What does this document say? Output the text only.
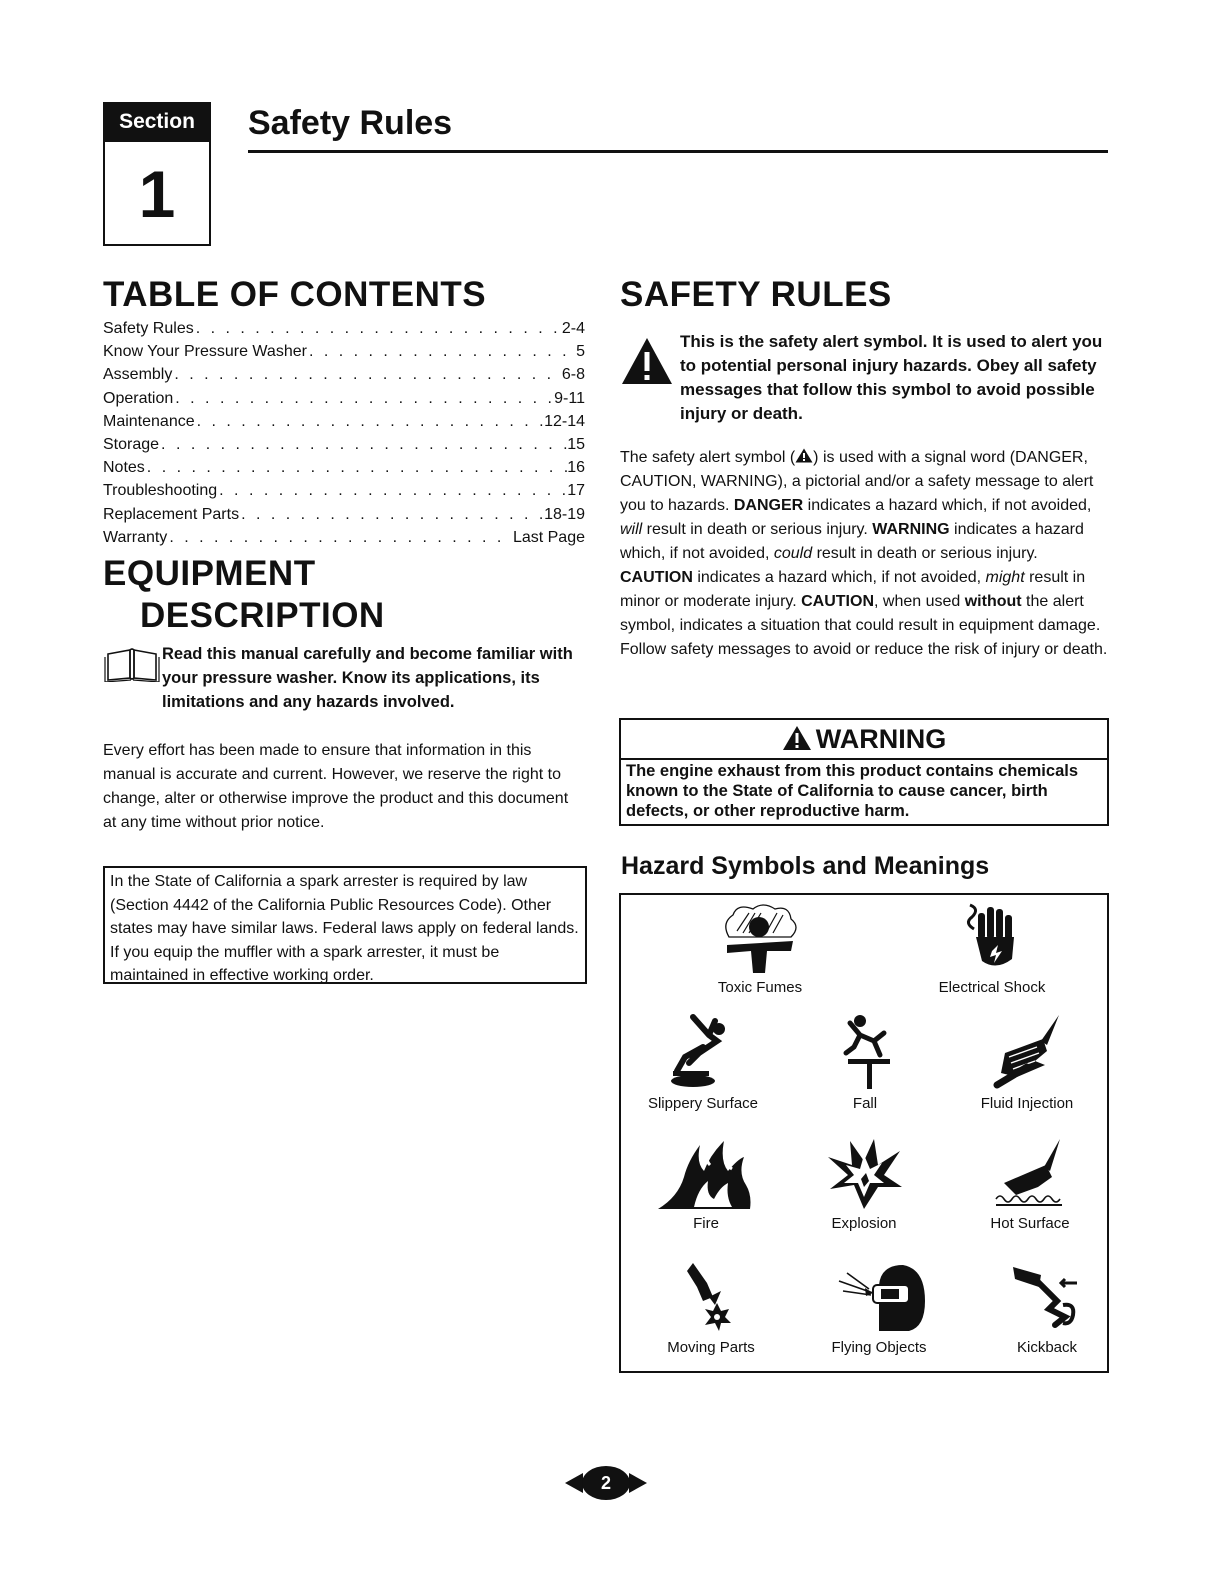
Section
1
Safety Rules
TABLE OF CONTENTS
Safety Rules . . .	2-4
Know Your Pressure Washer . . .	5
Assembly . . .	6-8
Operation . . .	9-11
Maintenance . . .	12-14
Storage . . .	15
Notes . . .	16
Troubleshooting . . .	17
Replacement Parts . . .	18-19
Warranty . . .	Last Page
EQUIPMENT
DESCRIPTION
Read this manual carefully and become familiar with your pressure washer. Know its applications, its limitations and any hazards involved.
Every effort has been made to ensure that information in this manual is accurate and current. However, we reserve the right to change, alter or otherwise improve the product and this document at any time without prior notice.
In the State of California a spark arrester is required by law (Section 4442 of the California Public Resources Code). Other states may have similar laws. Federal laws apply on federal lands. If you equip the muffler with a spark arrester, it must be maintained in effective working order.
SAFETY RULES
This is the safety alert symbol. It is used to alert you to potential personal injury hazards. Obey all safety messages that follow this symbol to avoid possible injury or death.
The safety alert symbol ( ) is used with a signal word (DANGER, CAUTION, WARNING), a pictorial and/or a safety message to alert you to hazards. DANGER indicates a hazard which, if not avoided, will result in death or serious injury. WARNING indicates a hazard which, if not avoided, could result in death or serious injury. CAUTION indicates a hazard which, if not avoided, might result in minor or moderate injury. CAUTION, when used without the alert symbol, indicates a situation that could result in equipment damage. Follow safety messages to avoid or reduce the risk of injury or death.
WARNING
The engine exhaust from this product contains chemicals known to the State of California to cause cancer, birth defects, or other reproductive harm.
Hazard Symbols and Meanings
Toxic Fumes	Electrical Shock
Slippery Surface	Fall	Fluid Injection
Fire	Explosion	Hot Surface
Moving Parts	Flying Objects	Kickback
2
